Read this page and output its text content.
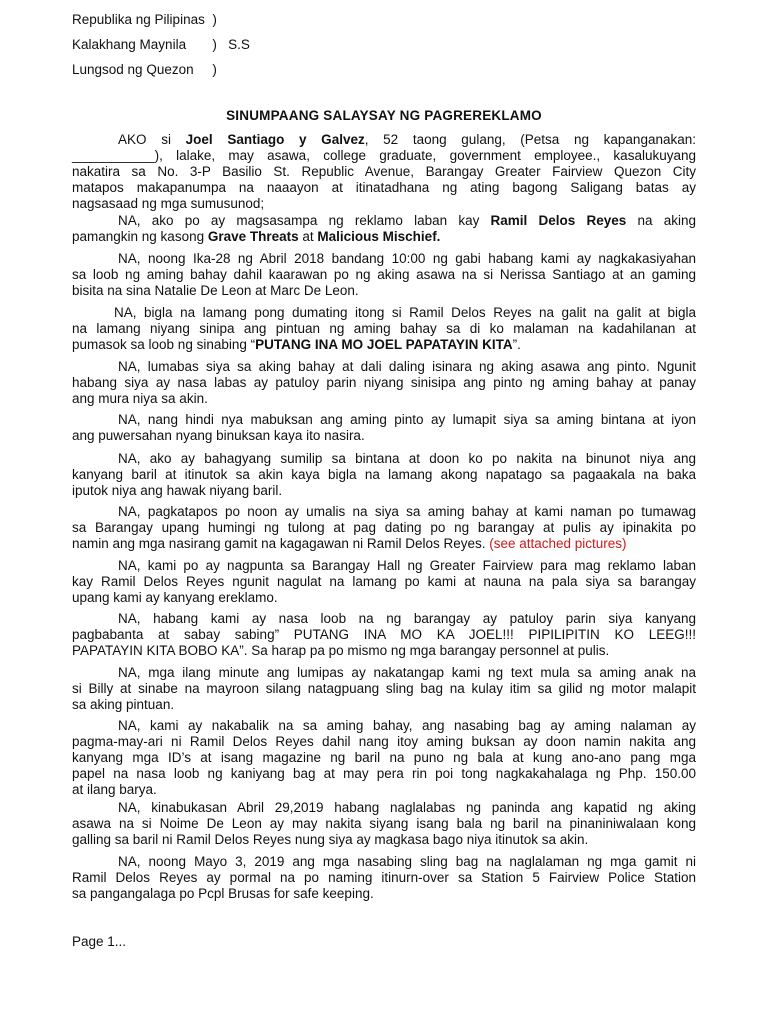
Republika ng Pilipinas  )
Kalakhang Maynila       )   S.S
Lungsod ng Quezon     )
SINUMPAANG SALAYSAY NG PAGREREKLAMO
AKO si Joel Santiago y Galvez, 52 taong gulang, (Petsa ng kapanganakan:
___________), lalake, may asawa, college graduate, government employee., kasalukuyang
nakatira sa No. 3-P Basilio St. Republic Avenue, Barangay Greater Fairview Quezon City
matapos makapanumpa na naaayon at itinatadhana ng ating bagong Saligang batas ay
nagsasaad ng mga sumusunod;
NA, ako po ay magsasampa ng reklamo laban kay Ramil Delos Reyes na aking
pamangkin ng kasong Grave Threats at Malicious Mischief.
NA, noong Ika-28 ng Abril 2018 bandang 10:00 ng gabi habang kami ay nagkakasiyahan
sa loob ng aming bahay dahil kaarawan po ng aking asawa na si Nerissa Santiago at an gaming
bisita na sina Natalie De Leon at Marc De Leon.
NA, bigla na lamang pong dumating itong si Ramil Delos Reyes na galit na galit at bigla
na lamang niyang sinipa ang pintuan ng aming bahay sa di ko malaman na kadahilanan at
pumasok sa loob ng sinabing “PUTANG INA MO JOEL PAPATAYIN KITA”.
NA, lumabas siya sa aking bahay at dali daling isinara ng aking asawa ang pinto. Ngunit
habang siya ay nasa labas ay patuloy parin niyang sinisipa ang pinto ng aming bahay at panay
ang mura niya sa akin.
NA, nang hindi nya mabuksan ang aming pinto ay lumapit siya sa aming bintana at iyon
ang puwersahan nyang binuksan kaya ito nasira.
NA, ako ay bahagyang sumilip sa bintana at doon ko po nakita na binunot niya ang
kanyang baril at itinutok sa akin kaya bigla na lamang akong napatago sa pagaakala na baka
iputok niya ang hawak niyang baril.
NA, pagkatapos po noon ay umalis na siya sa aming bahay at kami naman po tumawag
sa Barangay upang humingi ng tulong at pag dating po ng barangay at pulis ay ipinakita po
namin ang mga nasirang gamit na kagagawan ni Ramil Delos Reyes. (see attached pictures)
NA, kami po ay nagpunta sa Barangay Hall ng Greater Fairview para mag reklamo laban
kay Ramil Delos Reyes ngunit nagulat na lamang po kami at nauna na pala siya sa barangay
upang kami ay kanyang ereklamo.
NA, habang kami ay nasa loob na ng barangay ay patuloy parin siya kanyang
pagbabanta at sabay sabing” PUTANG INA MO KA JOEL!!! PIPILIPITIN KO LEEG!!!
PAPATAYIN KITA BOBO KA”. Sa harap pa po mismo ng mga barangay personnel at pulis.
NA, mga ilang minute ang lumipas ay nakatangap kami ng text mula sa aming anak na
si Billy at sinabe na mayroon silang natagpuang sling bag na kulay itim sa gilid ng motor malapit
sa aking pintuan.
NA, kami ay nakabalik na sa aming bahay, ang nasabing bag ay aming nalaman ay
pagma-may-ari ni Ramil Delos Reyes dahil nang itoy aming buksan ay doon namin nakita ang
kanyang mga ID’s at isang magazine ng baril na puno ng bala at kung ano-ano pang mga
papel na nasa loob ng kaniyang bag at may pera rin poi tong nagkakahalaga ng Php. 150.00
at ilang barya.
NA, kinabukasan Abril 29,2019 habang naglalabas ng paninda ang kapatid ng aking
asawa na si Noime De Leon ay may nakita siyang isang bala ng baril na pinaniniwalaan kong
galling sa baril ni Ramil Delos Reyes nung siya ay magkasa bago niya itinutok sa akin.
NA, noong Mayo 3, 2019 ang mga nasabing sling bag na naglalaman ng mga gamit ni
Ramil Delos Reyes ay pormal na po naming itinurn-over sa Station 5 Fairview Police Station
sa pangangalaga po Pcpl Brusas for safe keeping.
Page 1...
